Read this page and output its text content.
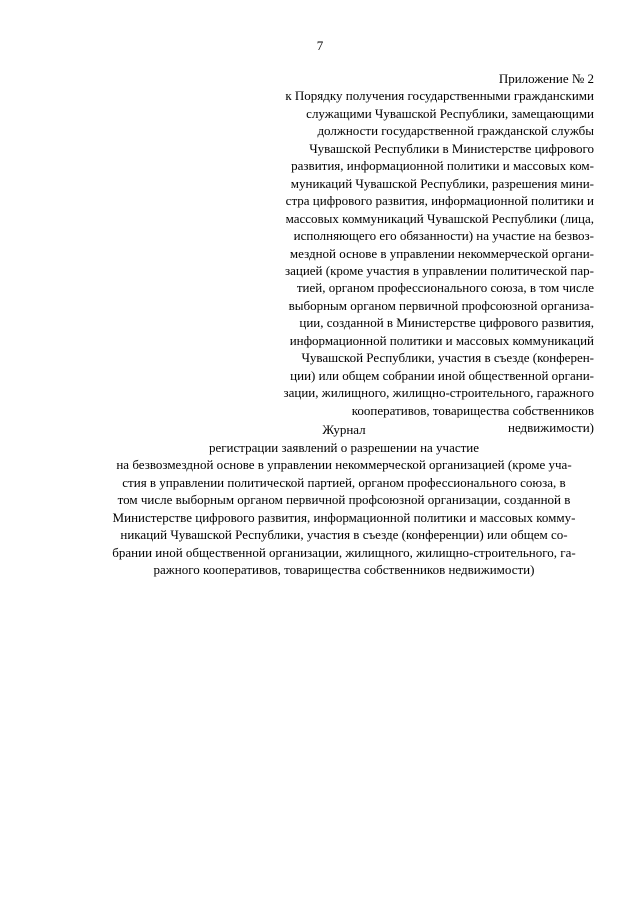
7
Приложение № 2
к Порядку получения государственными гражданскими
служащими Чувашской Республики, замещающими
должности государственной гражданской службы
Чувашской Республики в Министерстве цифрового
развития, информационной политики и массовых ком-
муникаций Чувашской Республики, разрешения мини-
стра цифрового развития, информационной политики и
массовых коммуникаций Чувашской Республики (лица,
исполняющего его обязанности) на участие на безвоз-
мездной основе в управлении некоммерческой органи-
зацией (кроме участия в управлении политической пар-
тией, органом профессионального союза, в том числе
выборным органом первичной профсоюзной организа-
ции, созданной в Министерстве цифрового развития,
информационной политики и массовых коммуникаций
Чувашской Республики, участия в съезде (конферен-
ции) или общем собрании иной общественной органи-
зации, жилищного, жилищно-строительного, гаражного
кооперативов, товарищества собственников
недвижимости)
Журнал
регистрации заявлений о разрешении на участие
на безвозмездной основе в управлении некоммерческой организацией (кроме уча-
стия в управлении политической партией, органом профессионального союза, в
том числе выборным органом первичной профсоюзной организации, созданной в
Министерстве цифрового развития, информационной политики и массовых комму-
никаций Чувашской Республики, участия в съезде (конференции) или общем со-
брании иной общественной организации, жилищного, жилищно-строительного, га-
ражного кооперативов, товарищества собственников недвижимости)
